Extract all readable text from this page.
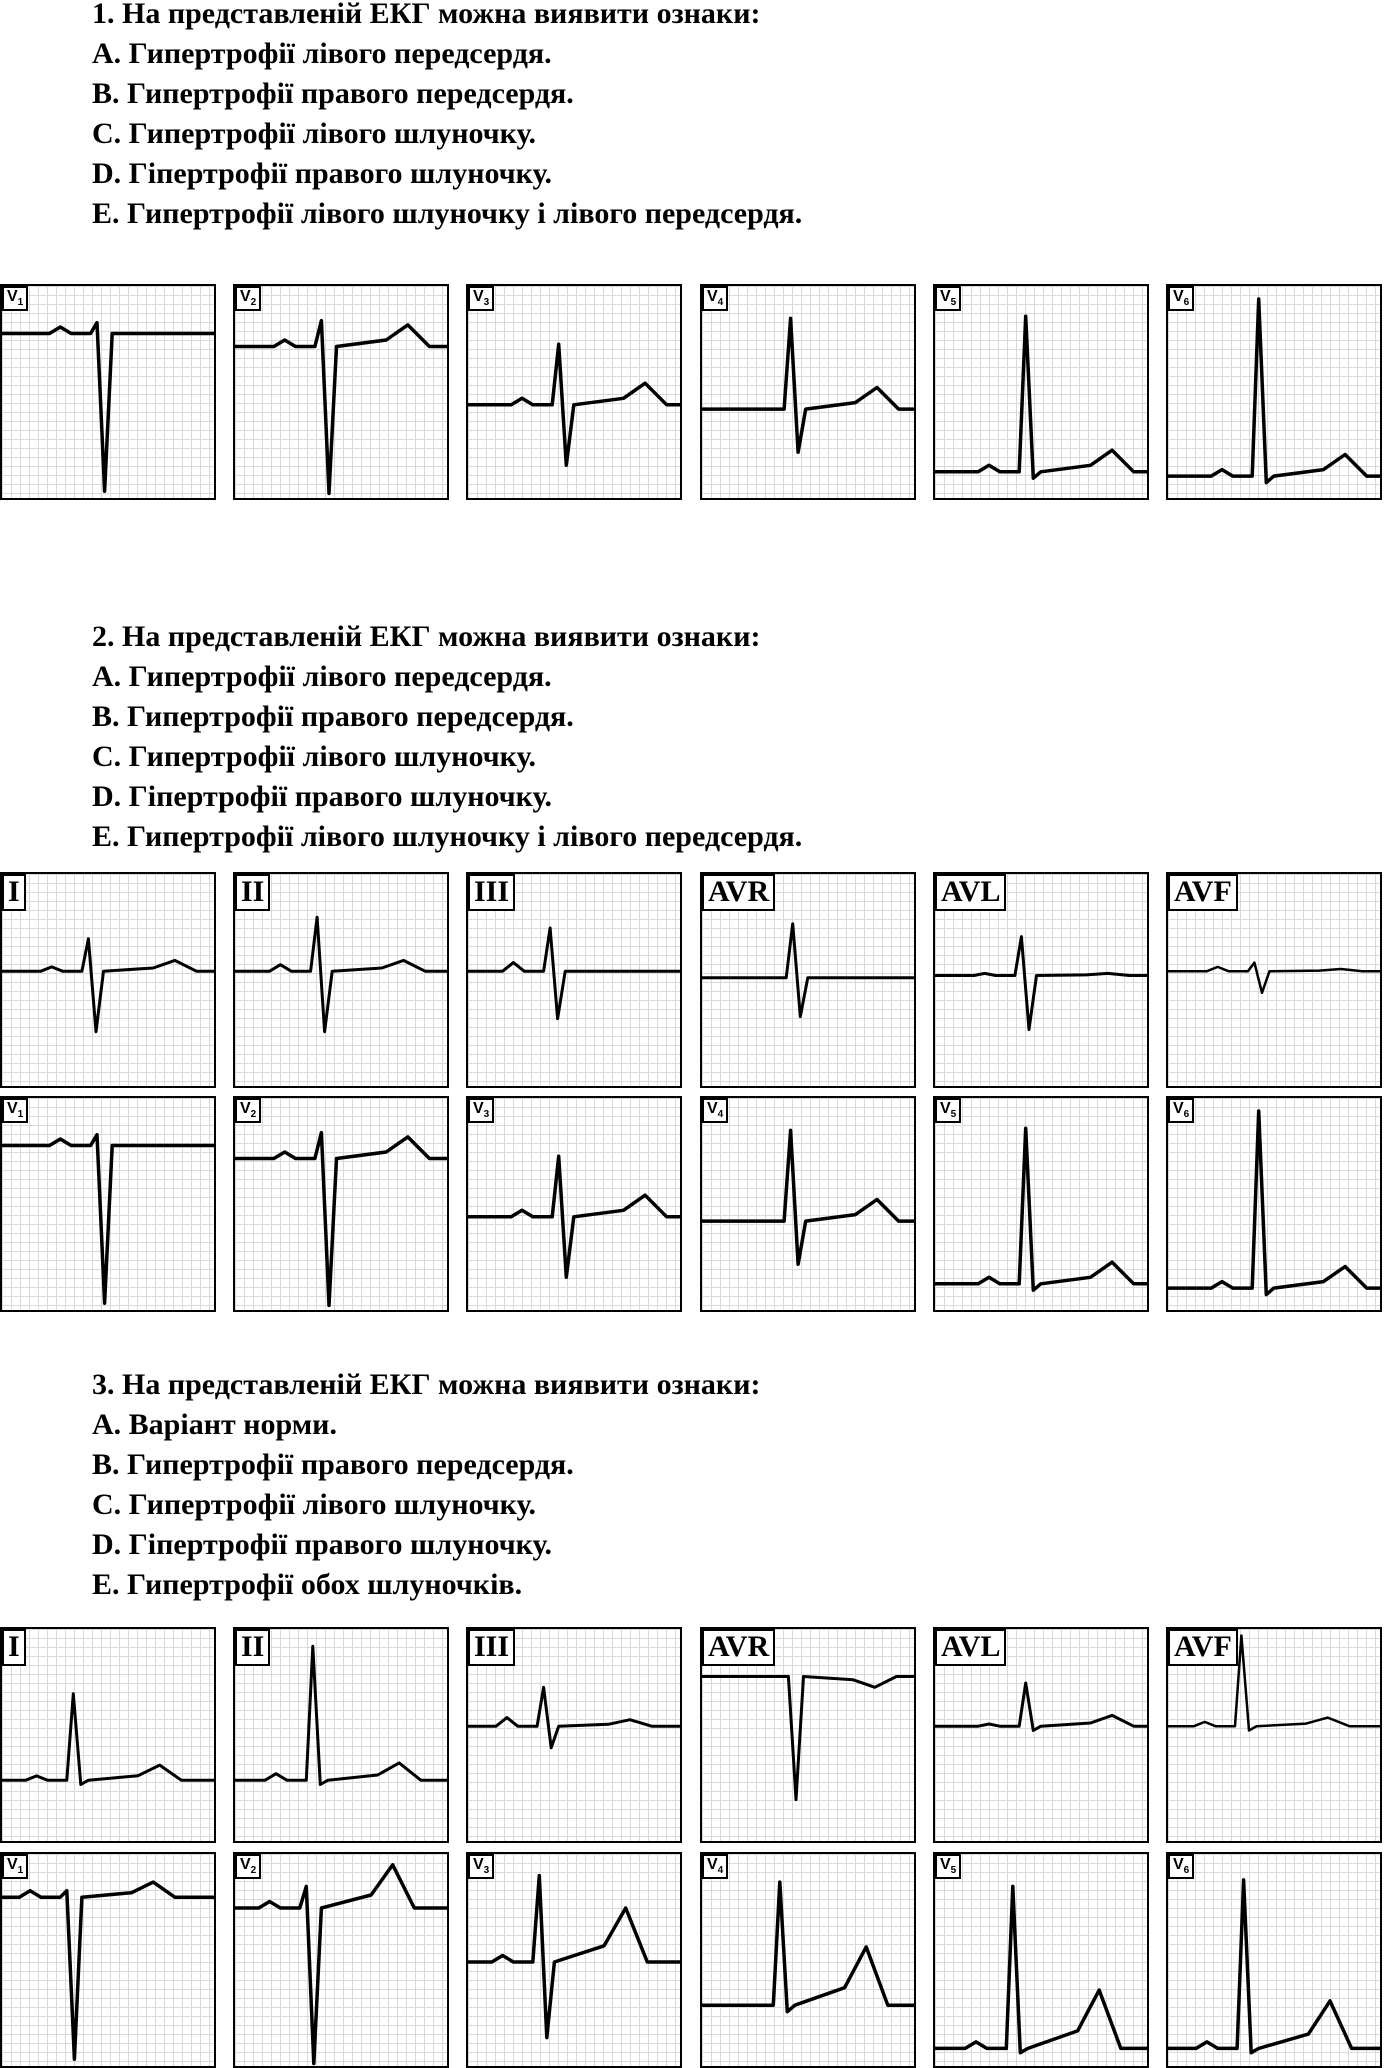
1. На представленій ЕКГ можна виявити ознаки:
A. Гипертрофії лівого передсердя.
B. Гипертрофії правого передсердя.
C. Гипертрофії лівого шлуночку.
D. Гіпертрофії правого шлуночку.
E. Гипертрофії лівого шлуночку і лівого передсердя.
2. На представленій ЕКГ можна виявити ознаки:
A. Гипертрофії лівого передсердя.
B. Гипертрофії правого передсердя.
C. Гипертрофії лівого шлуночку.
D. Гіпертрофії правого шлуночку.
E. Гипертрофії лівого шлуночку і лівого передсердя.
3. На представленій ЕКГ можна виявити ознаки:
A. Варіант норми.
B. Гипертрофії правого передсердя.
C. Гипертрофії лівого шлуночку.
D. Гіпертрофії правого шлуночку.
E. Гипертрофії обох шлуночків.
$V_1$	$V_2$	$V_3$	$V_4$	$V_5$	$V_6$
I	II	III	AVR	AVL	AVF
$V_1$	$V_2$	$V_3$	$V_4$	$V_5$	$V_6$
I	II	III	AVR	AVL	AVF
$V_1$	$V_2$	$V_3$	$V_4$	$V_5$	$V_6$
